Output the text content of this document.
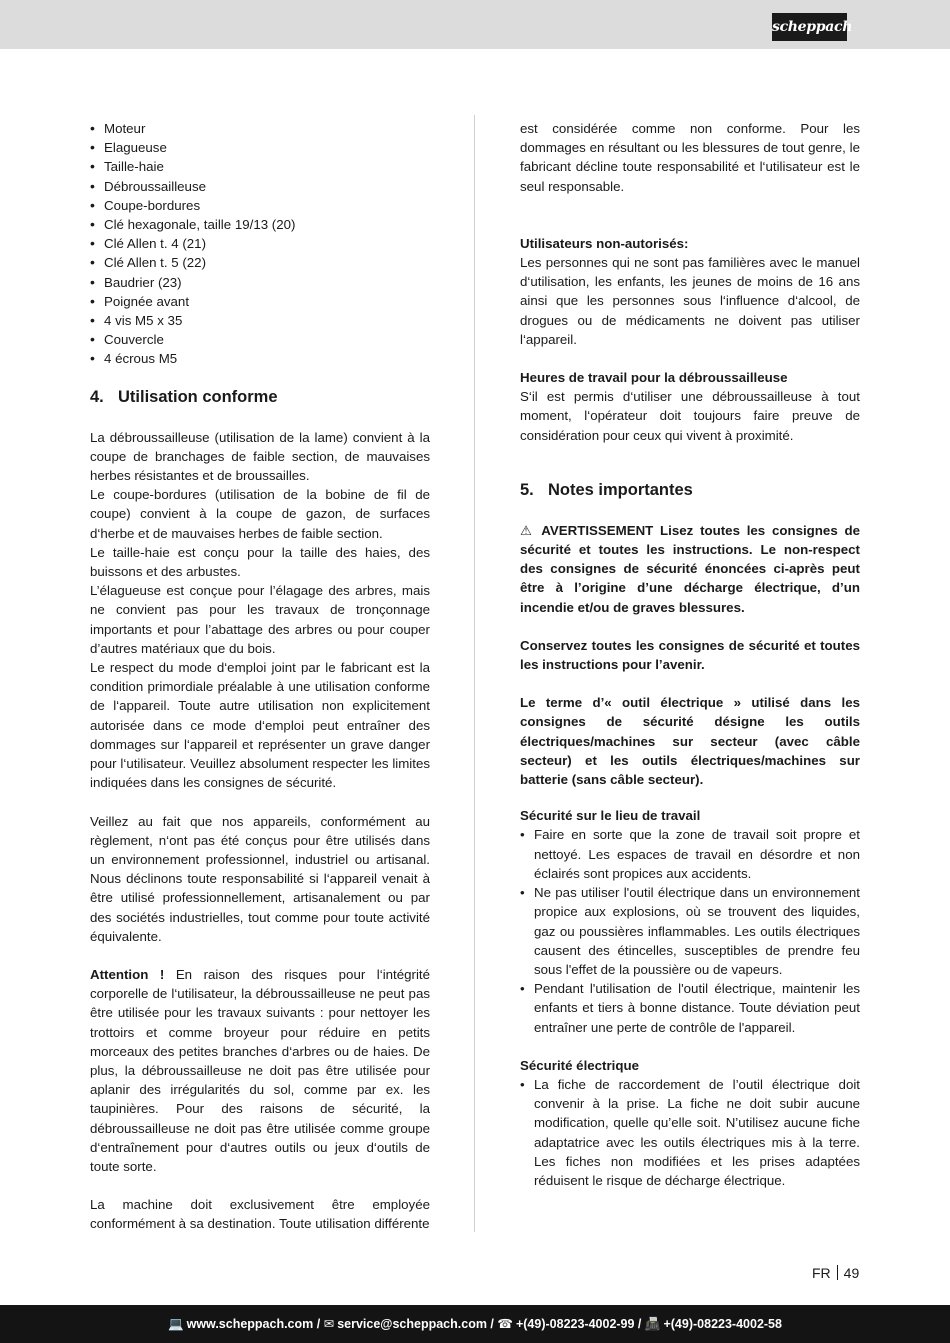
scheppach
• Moteur
• Elagueuse
• Taille-haie
• Débroussailleuse
• Coupe-bordures
• Clé hexagonale, taille 19/13 (20)
• Clé Allen t. 4 (21)
• Clé Allen t. 5 (22)
• Baudrier (23)
• Poignée avant
• 4 vis M5 x 35
• Couvercle
• 4 écrous M5
4. Utilisation conforme

La débroussailleuse (utilisation de la lame) convient à la coupe de branchages de faible section, de mauvaises herbes résistantes et de broussailles.

Le coupe-bordures (utilisation de la bobine de fil de coupe) convient à la coupe de gazon, de surfaces d‘herbe et de mauvaises herbes de faible section.

Le taille-haie est conçu pour la taille des haies, des buissons et des arbustes.

L’élagueuse est conçue pour l’élagage des arbres, mais ne convient pas pour les travaux de tronçonnage importants et pour l’abattage des arbres ou pour couper d’autres matériaux que du bois.

Le respect du mode d‘emploi joint par le fabricant est la condition primordiale préalable à une utilisation conforme de l‘appareil. Toute autre utilisation non explicitement autorisée dans ce mode d‘emploi peut entraîner des dommages sur l‘appareil et représenter un grave danger pour l‘utilisateur. Veuillez absolument respecter les limites indiquées dans les consignes de sécurité.

Veillez au fait que nos appareils, conformément au règlement, n‘ont pas été conçus pour être utilisés dans un environnement professionnel, industriel ou artisanal. Nous déclinons toute responsabilité si l‘appareil venait à être utilisé professionnellement, artisanalement ou par des sociétés industrielles, tout comme pour toute activité équivalente.

Attention ! En raison des risques pour l‘intégrité corporelle de l‘utilisateur, la débroussailleuse ne peut pas être utilisée pour les travaux suivants : pour nettoyer les trottoirs et comme broyeur pour réduire en petits morceaux des petites branches d‘arbres ou de haies. De plus, la débroussailleuse ne doit pas être utilisée pour aplanir des irrégularités du sol, comme par ex. les taupinières. Pour des raisons de sécurité, la débroussailleuse ne doit pas être utilisée comme groupe d‘entraînement pour d‘autres outils ou jeux d‘outils de toute sorte.

La machine doit exclusivement être employée conformément à sa destination. Toute utilisation différente

est considérée comme non conforme. Pour les dommages en résultant ou les blessures de tout genre, le fabricant décline toute responsabilité et l‘utilisateur est le seul responsable.

Utilisateurs non-autorisés:

Les personnes qui ne sont pas familières avec le manuel d‘utilisation, les enfants, les jeunes de moins de 16 ans ainsi que les personnes sous l‘influence d‘alcool, de drogues ou de médicaments ne doivent pas utiliser l‘appareil.

Heures de travail pour la débroussailleuse

S‘il est permis d‘utiliser une débroussailleuse à tout moment, l‘opérateur doit toujours faire preuve de considération pour ceux qui vivent à proximité.

5. Notes importantes

⚠ AVERTISSEMENT Lisez toutes les consignes de sécurité et toutes les instructions. Le non-respect des consignes de sécurité énoncées ci-après peut être à l’origine d’une décharge électrique, d’un incendie et/ou de graves blessures.

Conservez toutes les consignes de sécurité et toutes les instructions pour l’avenir.

Le terme d’« outil électrique » utilisé dans les consignes de sécurité désigne les outils électriques/machines sur secteur (avec câble secteur) et les outils électriques/machines sur batterie (sans câble secteur).

Sécurité sur le lieu de travail
• Faire en sorte que la zone de travail soit propre et nettoyé. Les espaces de travail en désordre et non éclairés sont propices aux accidents.
• Ne pas utiliser l'outil électrique dans un environnement propice aux explosions, où se trouvent des liquides, gaz ou poussières inflammables. Les outils électriques causent des étincelles, susceptibles de prendre feu sous l'effet de la poussière ou de vapeurs.
• Pendant l'utilisation de l'outil électrique, maintenir les enfants et tiers à bonne distance. Toute déviation peut entraîner une perte de contrôle de l'appareil.
Sécurité électrique
• La fiche de raccordement de l’outil électrique doit convenir à la prise. La fiche ne doit subir aucune modification, quelle qu’elle soit. N’utilisez aucune fiche adaptatrice avec les outils électriques mis à la terre. Les fiches non modifiées et les prises adaptées réduisent le risque de décharge électrique.
FR 49
💻 www.scheppach.com / ✉ service@scheppach.com / ☎ +(49)-08223-4002-99 / 📠 +(49)-08223-4002-58
